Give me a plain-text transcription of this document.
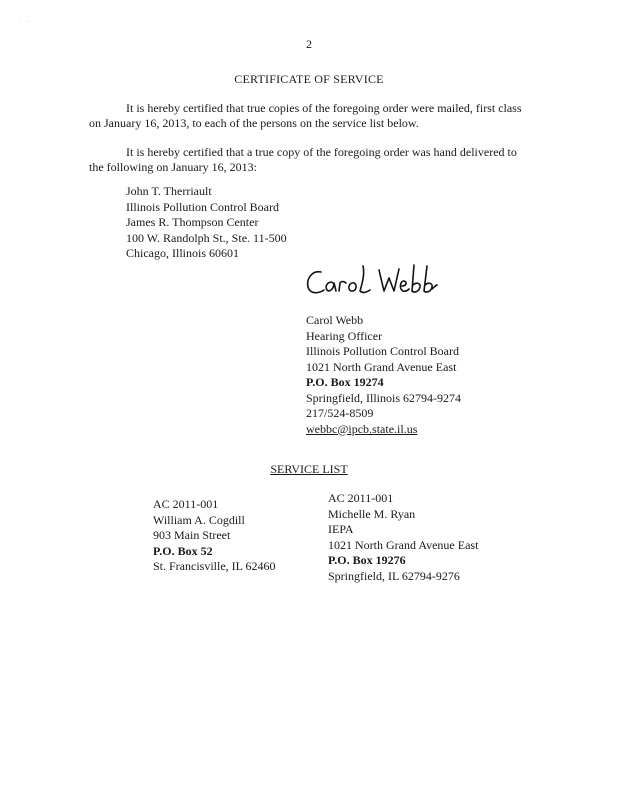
· ·
2
CERTIFICATE OF SERVICE
It is hereby certified that true copies of the foregoing order were mailed, first class
on January 16, 2013, to each of the persons on the service list below.
It is hereby certified that a true copy of the foregoing order was hand delivered to
the following on January 16, 2013:
John T. Therriault
Illinois Pollution Control Board
James R. Thompson Center
100 W. Randolph St., Ste. 11-500
Chicago, Illinois 60601
Carol Webb
Hearing Officer
Illinois Pollution Control Board
1021 North Grand Avenue East
P.O. Box 19274
Springfield, Illinois 62794-9274
217/524-8509
webbc@ipcb.state.il.us
SERVICE LIST
AC 2011-001
William A. Cogdill
903 Main Street
P.O. Box 52
St. Francisville, IL 62460
AC 2011-001
Michelle M. Ryan
IEPA
1021 North Grand Avenue East
P.O. Box 19276
Springfield, IL 62794-9276
